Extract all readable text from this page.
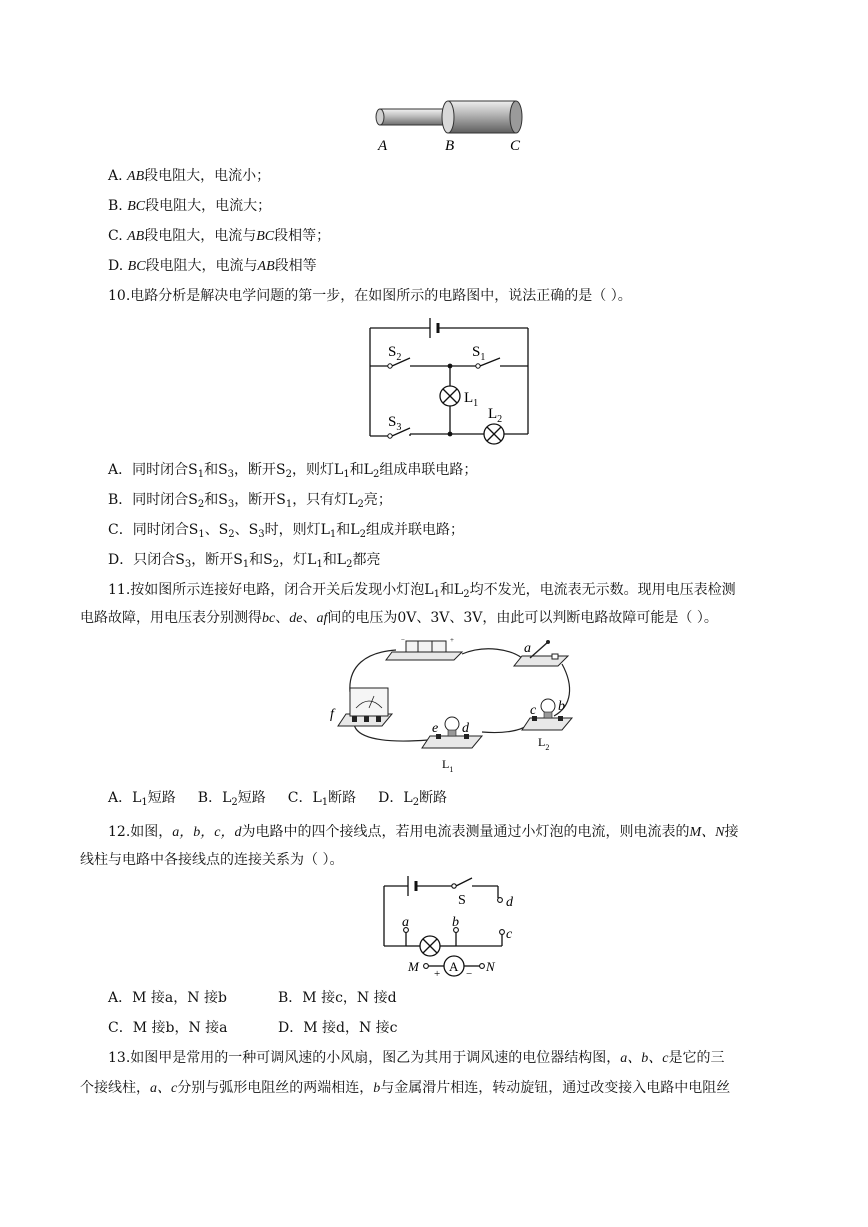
A	B	C
A. AB段电阻大，电流小；
B. BC段电阻大，电流大；
C. AB段电阻大，电流与BC段相等；
D. BC段电阻大，电流与AB段相等
10.电路分析是解决电学问题的第一步，在如图所示的电路图中，说法正确的是（ ）。
$S_2$	$S_1$
$L_1$
$S_3$
$L_2$
A．同时闭合$S_1$和$S_3$，断开$S_2$，则灯$L_1$和$L_2$组成串联电路；
B．同时闭合$S_2$和$S_3$，断开$S_1$，只有灯$L_2$亮；
C．同时闭合$S_1$、$S_2$、$S_3$时，则灯$L_1$和$L_2$组成并联电路；
D．只闭合$S_3$，断开$S_1$和$S_2$，灯$L_1$和$L_2$都亮
11.按如图所示连接好电路，闭合开关后发现小灯泡$L_1$和$L_2$均不发光，电流表无示数。现用电压表检测
电路故障，用电压表分别测得bc、de、af间的电压为0V、3V、3V，由此可以判断电路故障可能是（ ）。
−	+
a
f
e d
$L_1$
c b
$L_2$
A．$L_1$短路 B．$L_2$短路 C．$L_1$断路 D．$L_2$断路
12.如图，a，b，c，d为电路中的四个接线点，若用电流表测量通过小灯泡的电流，则电流表的M、N接
线柱与电路中各接线点的连接关系为（ ）。
S	d
a	b
c
M	N
A
+ −
A．M 接a，N 接b	B．M 接c，N 接d
C．M 接b，N 接a	D．M 接d，N 接c
13.如图甲是常用的一种可调风速的小风扇，图乙为其用于调风速的电位器结构图，a、b、c是它的三
个接线柱，a、c分别与弧形电阻丝的两端相连，b与金属滑片相连，转动旋钮，通过改变接入电路中电阻丝
